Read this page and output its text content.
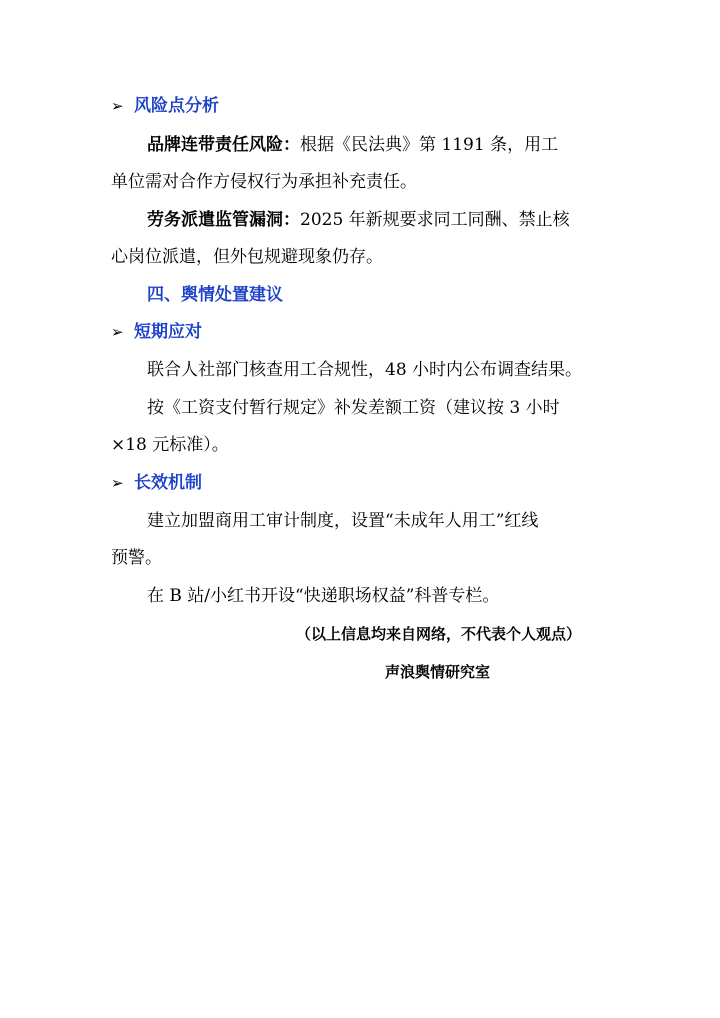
➢ 风险点分析
品牌连带责任风险：根据《民法典》第 1191 条，用工
单位需对合作方侵权行为承担补充责任。
劳务派遣监管漏洞：2025 年新规要求同工同酬、禁止核
心岗位派遣，但外包规避现象仍存。
四、舆情处置建议
➢ 短期应对
联合人社部门核查用工合规性，48 小时内公布调查结果。
按《工资支付暂行规定》补发差额工资（建议按 3 小时
×18 元标准）。
➢ 长效机制
建立加盟商用工审计制度，设置“未成年人用工”红线
预警。
在 B 站/小红书开设“快递职场权益”科普专栏。
（以上信息均来自网络，不代表个人观点）
声浪舆情研究室
